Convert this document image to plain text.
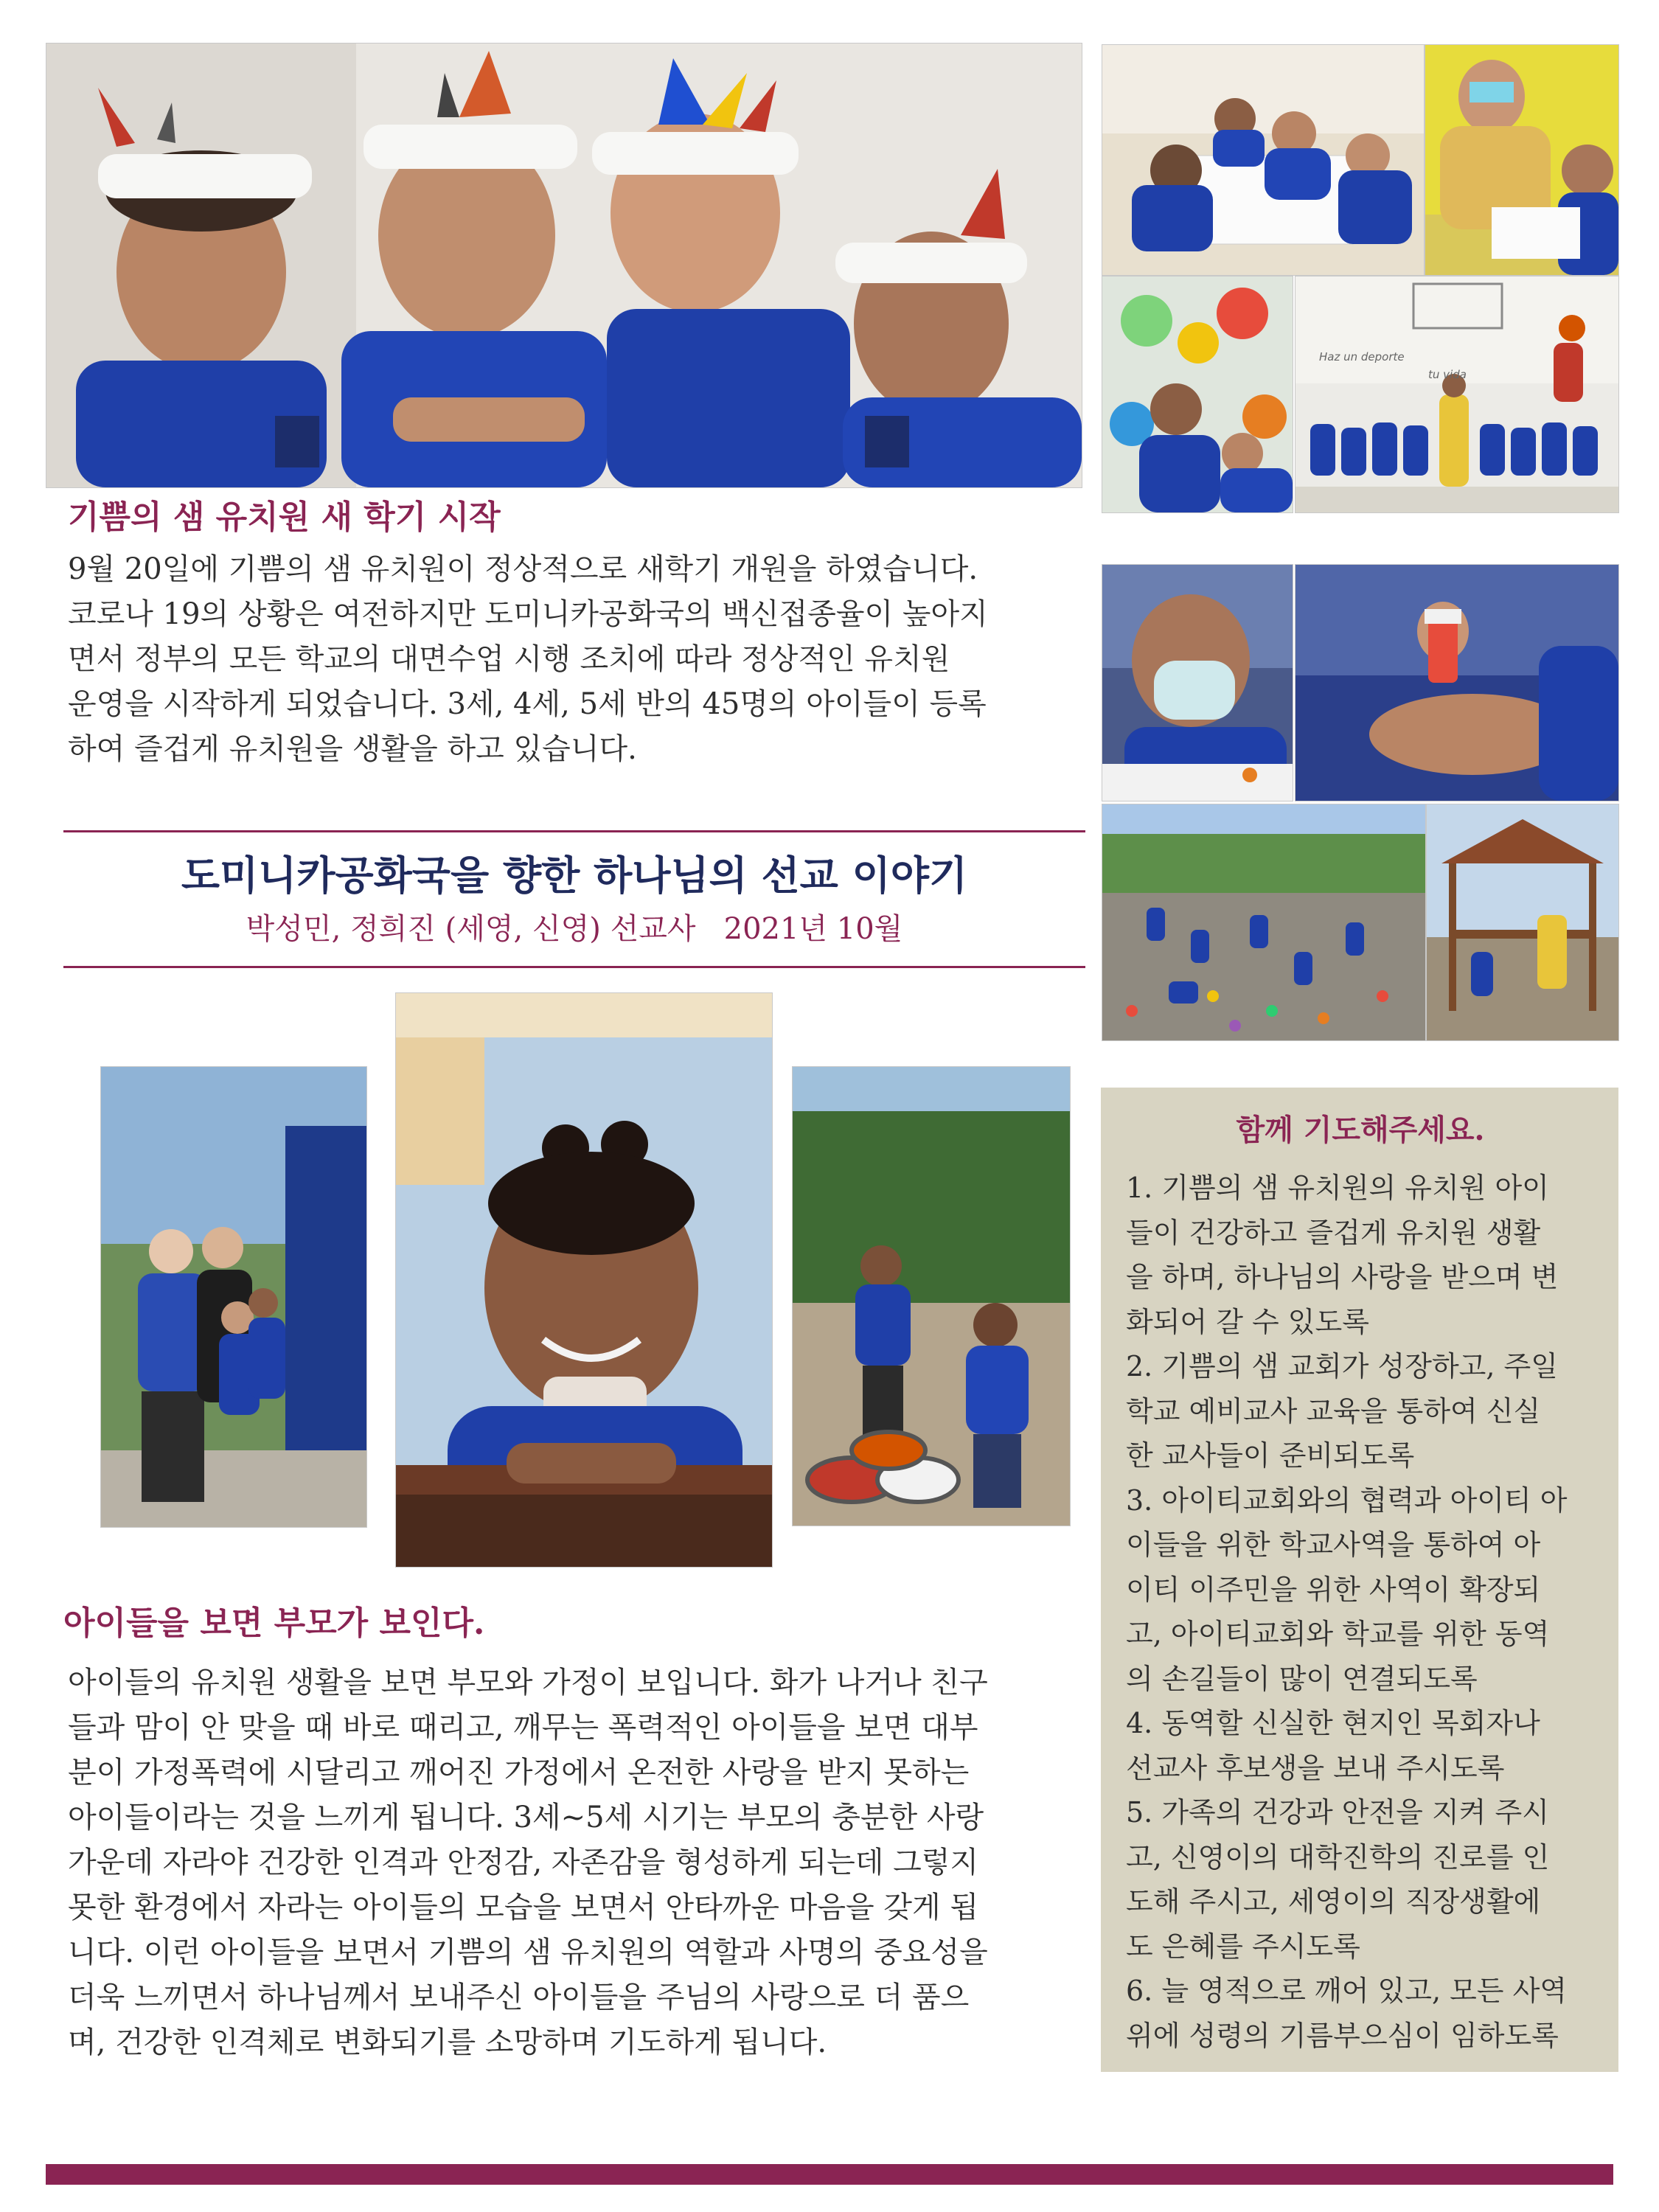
Haz un deporte
tu vida
기쁨의 샘 유치원 새 학기 시작
9월 20일에 기쁨의 샘 유치원이 정상적으로 새학기 개원을 하였습니다.
코로나 19의 상황은 여전하지만 도미니카공화국의 백신접종율이 높아지
면서 정부의 모든 학교의 대면수업 시행 조치에 따라 정상적인 유치원
운영을 시작하게 되었습니다. 3세, 4세, 5세 반의 45명의 아이들이 등록
하여 즐겁게 유치원을 생활을 하고 있습니다.
도미니카공화국을 향한 하나님의 선교 이야기
박성민, 정희진 (세영, 신영) 선교사   2021년 10월
아이들을 보면 부모가 보인다.
아이들의 유치원 생활을 보면 부모와 가정이 보입니다. 화가 나거나 친구
들과 맘이 안 맞을 때 바로 때리고, 깨무는 폭력적인 아이들을 보면 대부
분이 가정폭력에 시달리고 깨어진 가정에서 온전한 사랑을 받지 못하는
아이들이라는 것을 느끼게 됩니다. 3세~5세 시기는 부모의 충분한 사랑
가운데 자라야 건강한 인격과 안정감, 자존감을 형성하게 되는데 그렇지
못한 환경에서 자라는 아이들의 모습을 보면서 안타까운 마음을 갖게 됩
니다. 이런 아이들을 보면서 기쁨의 샘 유치원의 역할과 사명의 중요성을
더욱 느끼면서 하나님께서 보내주신 아이들을 주님의 사랑으로 더 품으
며, 건강한 인격체로 변화되기를 소망하며 기도하게 됩니다.
함께 기도해주세요.
1. 기쁨의 샘 유치원의 유치원 아이
들이 건강하고 즐겁게 유치원 생활
을 하며, 하나님의 사랑을 받으며 변
화되어 갈 수 있도록
2. 기쁨의 샘 교회가 성장하고, 주일
학교 예비교사 교육을 통하여 신실
한 교사들이 준비되도록
3. 아이티교회와의 협력과 아이티 아
이들을 위한 학교사역을 통하여 아
이티 이주민을 위한 사역이 확장되
고, 아이티교회와 학교를 위한 동역
의 손길들이 많이 연결되도록
4. 동역할 신실한 현지인 목회자나
선교사 후보생을 보내 주시도록
5. 가족의 건강과 안전을 지켜 주시
고, 신영이의 대학진학의 진로를 인
도해 주시고, 세영이의 직장생활에
도 은혜를 주시도록
6. 늘 영적으로 깨어 있고, 모든 사역
위에 성령의 기름부으심이 임하도록
